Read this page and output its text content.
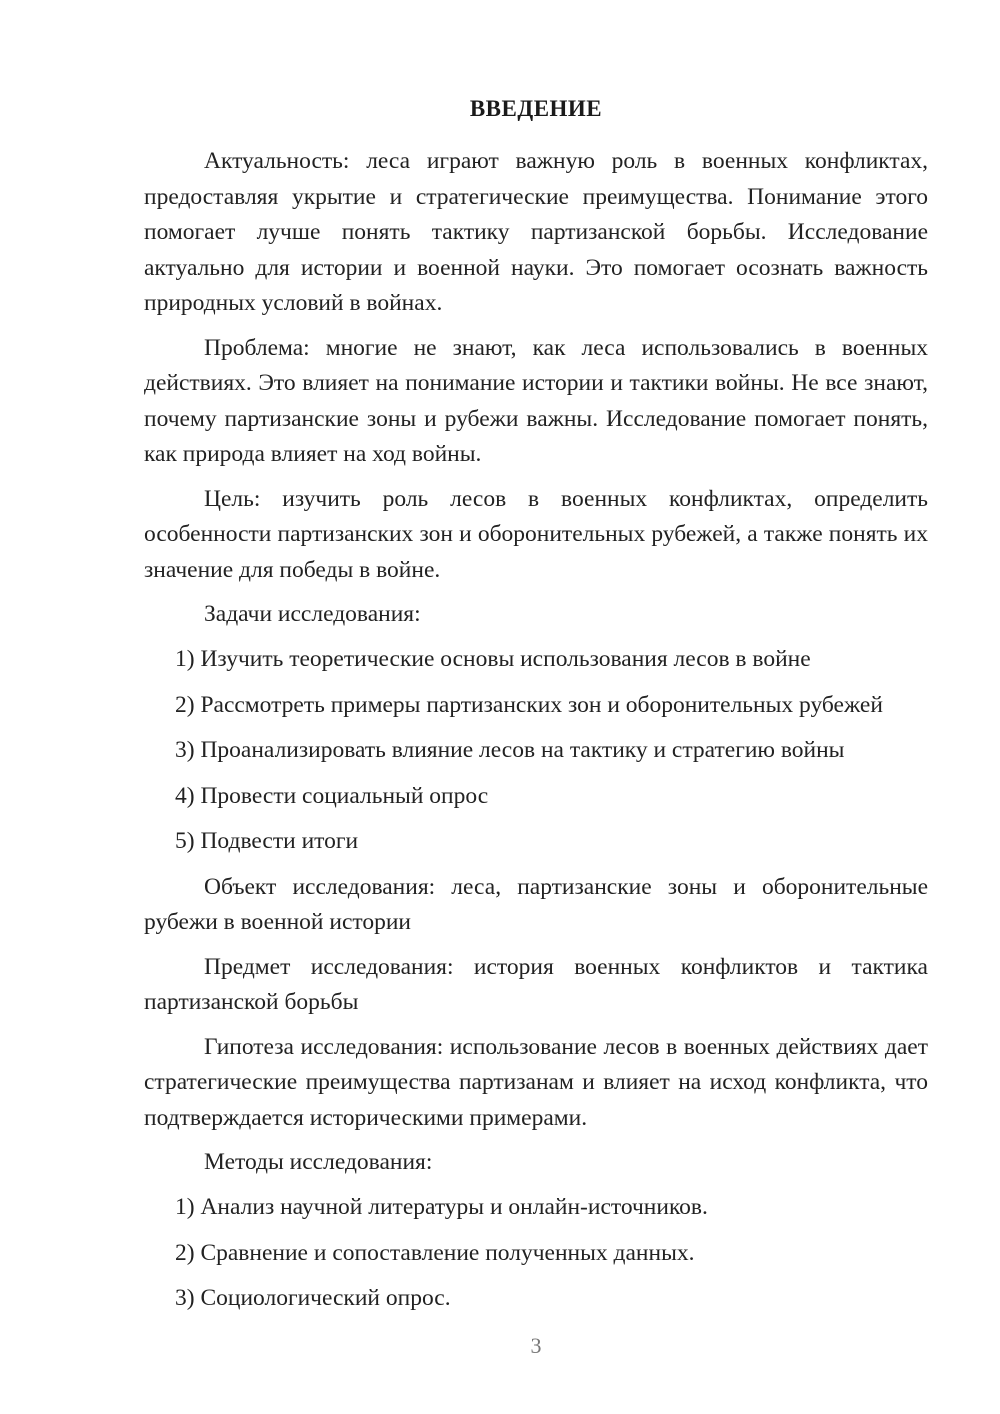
ВВЕДЕНИЕ

Актуальность: леса играют важную роль в военных конфликтах, предоставляя укрытие и стратегические преимущества. Понимание этого помогает лучше понять тактику партизанской борьбы. Исследование актуально для истории и военной науки. Это помогает осознать важность природных условий в войнах.

Проблема: многие не знают, как леса использовались в военных действиях. Это влияет на понимание истории и тактики войны. Не все знают, почему партизанские зоны и рубежи важны. Исследование помогает понять, как природа влияет на ход войны.

Цель: изучить роль лесов в военных конфликтах, определить особенности партизанских зон и оборонительных рубежей, а также понять их значение для победы в войне.

Задачи исследования:

1) Изучить теоретические основы использования лесов в войне
2) Рассмотреть примеры партизанских зон и оборонительных рубежей
3) Проанализировать влияние лесов на тактику и стратегию войны
4) Провести социальный опрос
5) Подвести итоги

Объект исследования: леса, партизанские зоны и оборонительные рубежи в военной истории

Предмет исследования: история военных конфликтов и тактика партизанской борьбы

Гипотеза исследования: использование лесов в военных действиях дает стратегические преимущества партизанам и влияет на исход конфликта, что подтверждается историческими примерами.

Методы исследования:

1) Анализ научной литературы и онлайн-источников.
2) Сравнение и сопоставление полученных данных.
3) Социологический опрос.
3
